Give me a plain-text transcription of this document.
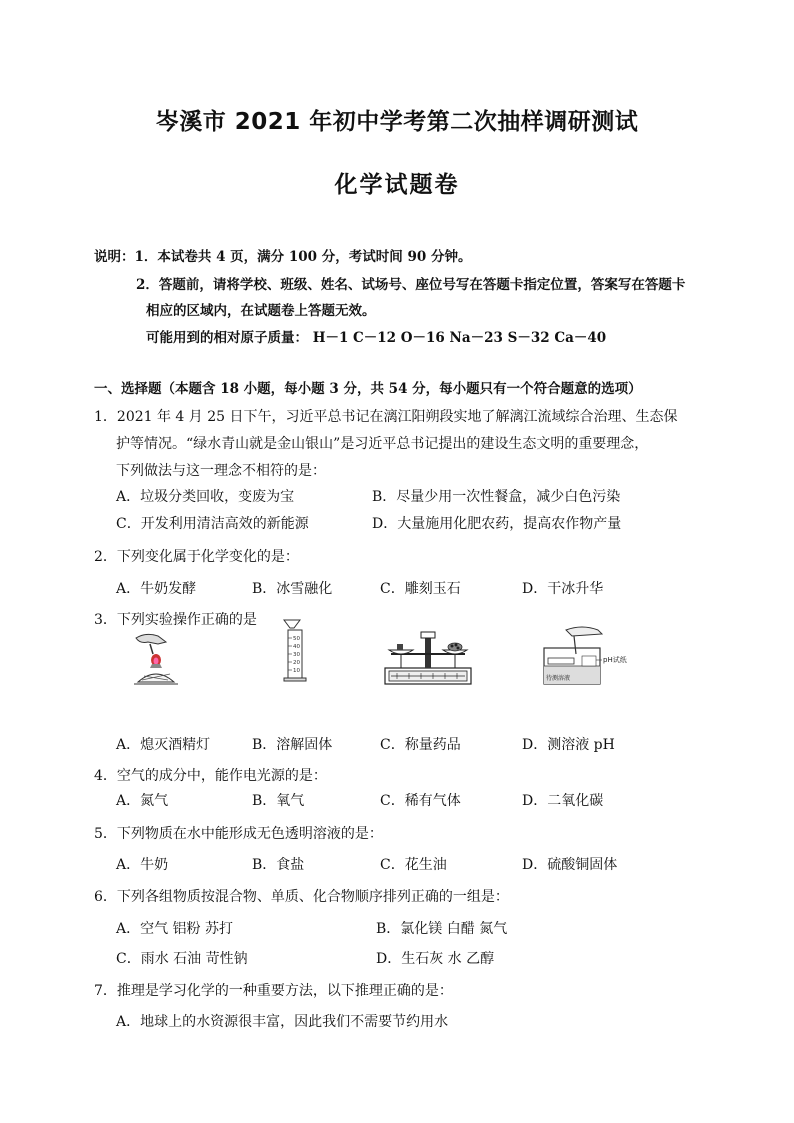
岑溪市 2021 年初中学考第二次抽样调研测试
化学试题卷
说明：1．本试卷共 4 页，满分 100 分，考试时间 90 分钟。
2．答题前，请将学校、班级、姓名、试场号、座位号写在答题卡指定位置，答案写在答题卡
相应的区域内，在试题卷上答题无效。
可能用到的相对原子质量： H－1 C－12 O－16 Na－23 S－32 Ca－40
一、选择题（本题含 18 小题，每小题 3 分，共 54 分，每小题只有一个符合题意的选项）
1．2021 年 4 月 25 日下午，习近平总书记在漓江阳朔段实地了解漓江流域综合治理、生态保
护等情况。“绿水青山就是金山银山”是习近平总书记提出的建设生态文明的重要理念，
下列做法与这一理念不相符的是：
A．垃圾分类回收，变废为宝	B．尽量少用一次性餐盒，减少白色污染
C．开发利用清洁高效的新能源	D．大量施用化肥农药，提高农作物产量
2．下列变化属于化学变化的是：
A．牛奶发酵	B．冰雪融化	C．雕刻玉石	D．干冰升华
3．下列实验操作正确的是
50
40
30
20
10
待测溶液
pH试纸
A．熄灭酒精灯	B．溶解固体	C．称量药品	D．测溶液 pH
4．空气的成分中，能作电光源的是：
A．氮气	B．氧气	C．稀有气体	D．二氧化碳
5．下列物质在水中能形成无色透明溶液的是：
A．牛奶	B．食盐	C．花生油	D．硫酸铜固体
6．下列各组物质按混合物、单质、化合物顺序排列正确的一组是：
A．空气 铝粉 苏打	B．氯化镁 白醋 氮气
C．雨水 石油 苛性钠	D．生石灰 水 乙醇
7．推理是学习化学的一种重要方法，以下推理正确的是：
A．地球上的水资源很丰富，因此我们不需要节约用水
